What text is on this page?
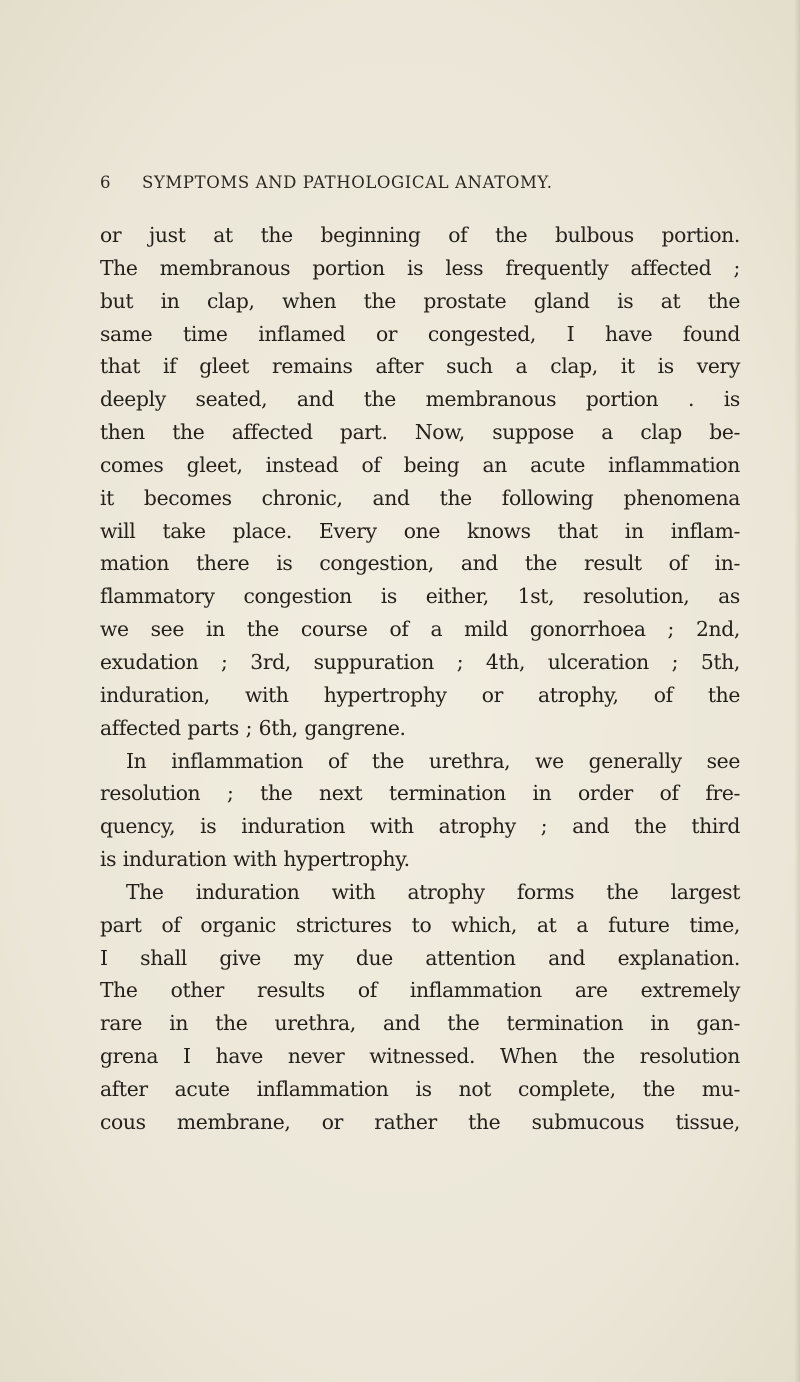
6 SYMPTOMS AND PATHOLOGICAL ANATOMY.

or just at the beginning of the bulbous portion.
The membranous portion is less frequently affected ;
but in clap, when the prostate gland is at the
same time inflamed or congested, I have found
that if gleet remains after such a clap, it is very
deeply seated, and the membranous portion . is
then the affected part. Now, suppose a clap be-
comes gleet, instead of being an acute inflammation
it becomes chronic, and the following phenomena
will take place. Every one knows that in inflam-
mation there is congestion, and the result of in-
flammatory congestion is either, 1st, resolution, as
we see in the course of a mild gonorrhoea ; 2nd,
exudation ; 3rd, suppuration ; 4th, ulceration ; 5th,
induration, with hypertrophy or atrophy, of the
affected parts ; 6th, gangrene.

In inflammation of the urethra, we generally see
resolution ; the next termination in order of fre-
quency, is induration with atrophy ; and the third
is induration with hypertrophy.

The induration with atrophy forms the largest
part of organic strictures to which, at a future time,
I shall give my due attention and explanation.
The other results of inflammation are extremely
rare in the urethra, and the termination in gan-
grena I have never witnessed. When the resolution
after acute inflammation is not complete, the mu-
cous membrane, or rather the submucous tissue,
